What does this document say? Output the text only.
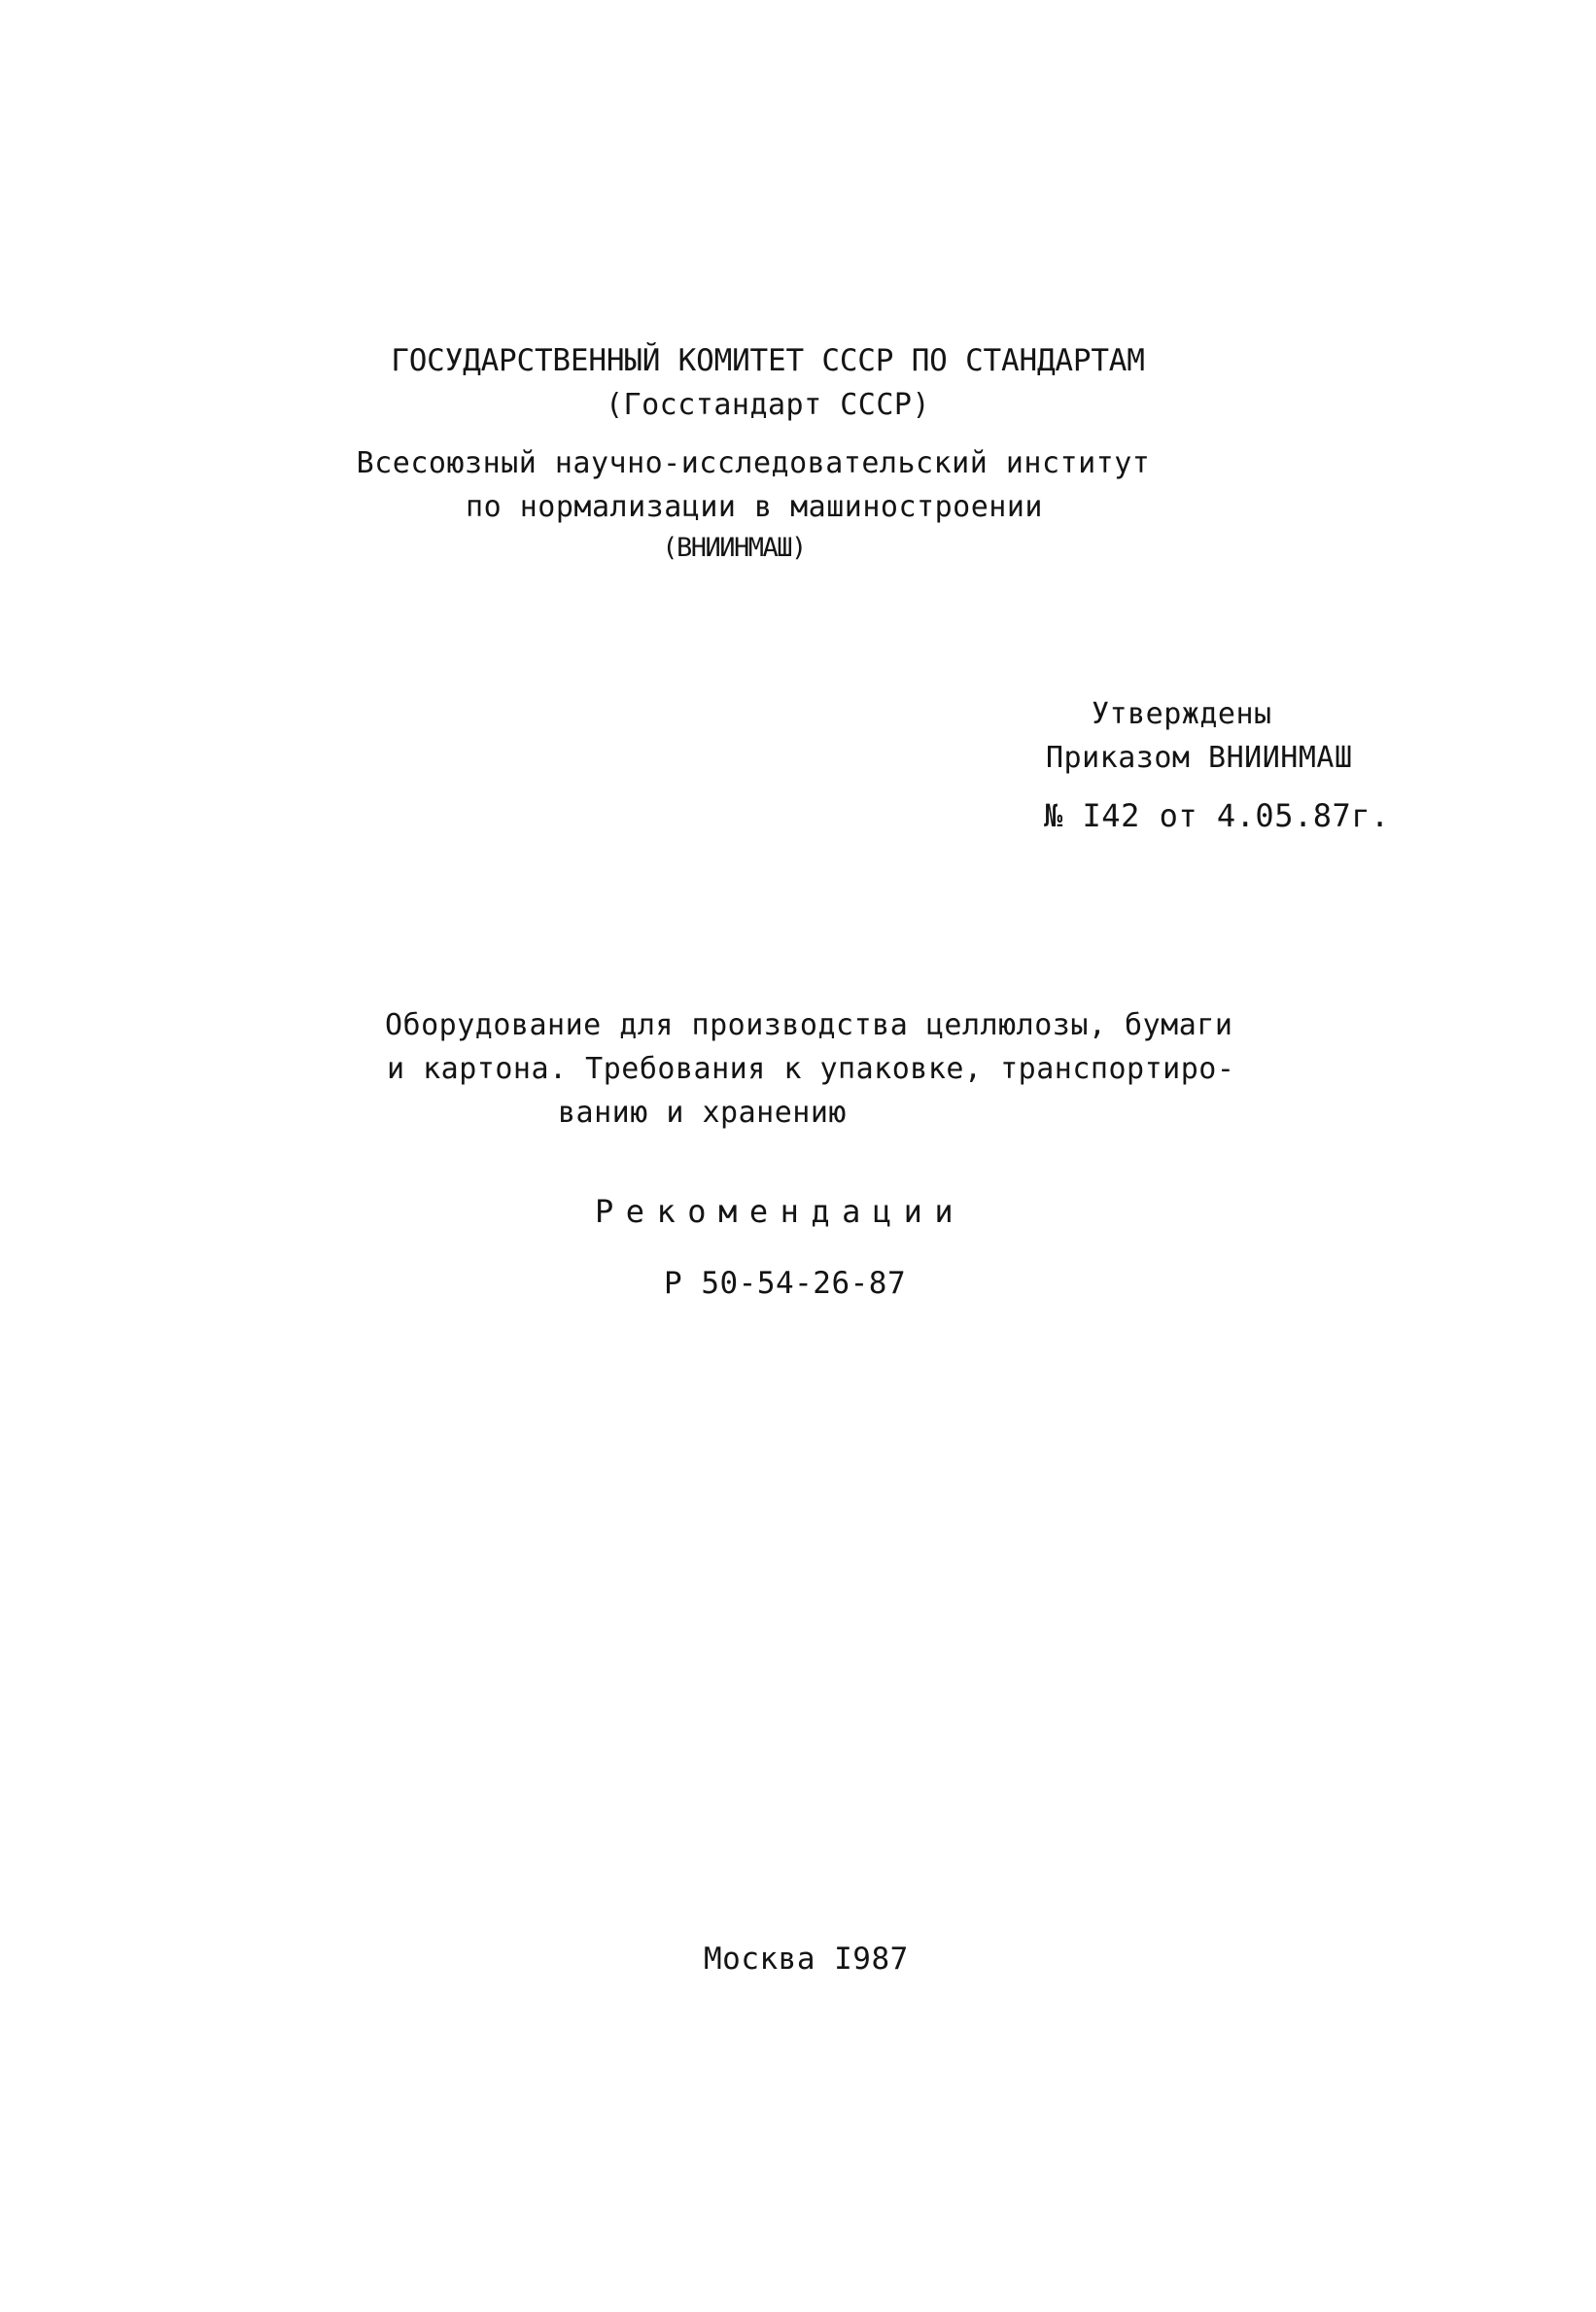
ГОСУДАРСТВЕННЫЙ КОМИТЕТ СССР ПО СТАНДАРТАМ
(Госстандарт СССР)
Всесоюзный научно-исследовательский институт
по нормализации в машиностроении
(ВНИИНМАШ)
Утверждены
Приказом ВНИИНМАШ
№ I42 от 4.05.87г.
Оборудование для производства целлюлозы, бумаги
и картона. Требования к упаковке, транспортиро-
ванию и хранению
Рекомендации
Р 50-54-26-87
Москва I987
